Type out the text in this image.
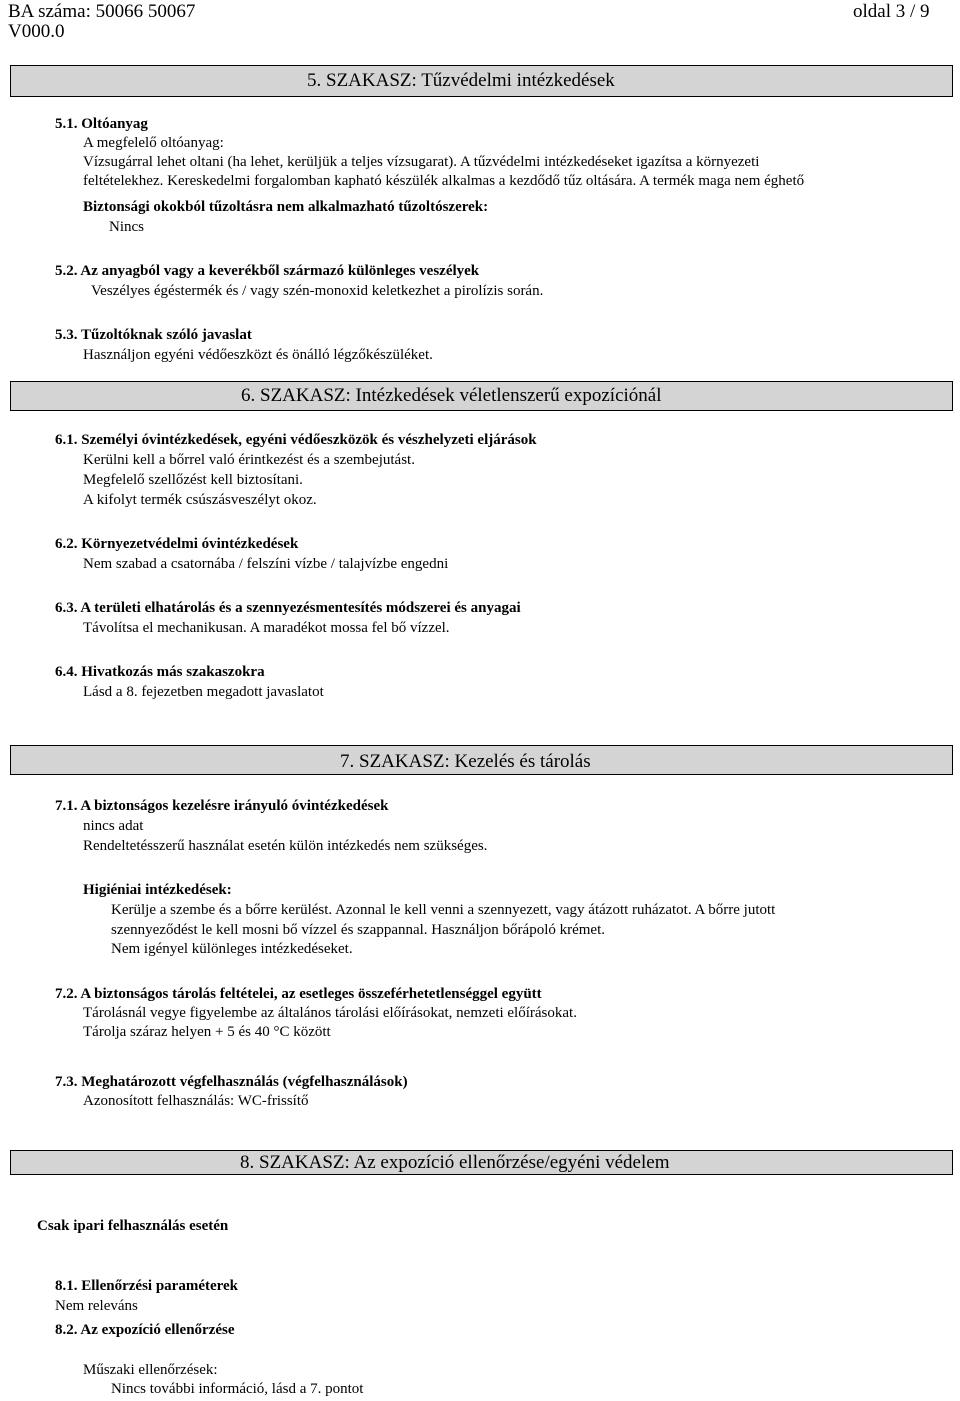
BA száma: 50066 50067	oldal 3 / 9
V000.0
5. SZAKASZ: Tűzvédelmi intézkedések
5.1. Oltóanyag
A megfelelő oltóanyag:
Vízsugárral lehet oltani (ha lehet, kerüljük a teljes vízsugarat). A tűzvédelmi intézkedéseket igazítsa a környezeti
feltételekhez. Kereskedelmi forgalomban kapható készülék alkalmas a kezdődő tűz oltására. A termék maga nem éghető
Biztonsági okokból tűzoltásra nem alkalmazható tűzoltószerek:
Nincs
5.2. Az anyagból vagy a keverékből származó különleges veszélyek
Veszélyes égéstermék és / vagy szén-monoxid keletkezhet a pirolízis során.
5.3. Tűzoltóknak szóló javaslat
Használjon egyéni védőeszközt és önálló légzőkészüléket.
6. SZAKASZ: Intézkedések véletlenszerű expozíciónál
6.1. Személyi óvintézkedések, egyéni védőeszközök és vészhelyzeti eljárások
Kerülni kell a bőrrel való érintkezést és a szembejutást.
Megfelelő szellőzést kell biztosítani.
A kifolyt termék csúszásveszélyt okoz.
6.2. Környezetvédelmi óvintézkedések
Nem szabad a csatornába / felszíni vízbe / talajvízbe engedni
6.3. A területi elhatárolás és a szennyezésmentesítés módszerei és anyagai
Távolítsa el mechanikusan. A maradékot mossa fel bő vízzel.
6.4. Hivatkozás más szakaszokra
Lásd a 8. fejezetben megadott javaslatot
7. SZAKASZ: Kezelés és tárolás
7.1. A biztonságos kezelésre irányuló óvintézkedések
nincs adat
Rendeltetésszerű használat esetén külön intézkedés nem szükséges.
Higiéniai intézkedések:
Kerülje a szembe és a bőrre kerülést. Azonnal le kell venni a szennyezett, vagy átázott ruházatot. A bőrre jutott
szennyeződést le kell mosni bő vízzel és szappannal. Használjon bőrápoló krémet.
Nem igényel különleges intézkedéseket.
7.2. A biztonságos tárolás feltételei, az esetleges összeférhetetlenséggel együtt
Tárolásnál vegye figyelembe az általános tárolási előírásokat, nemzeti előírásokat.
Tárolja száraz helyen + 5 és 40 °C között
7.3. Meghatározott végfelhasználás (végfelhasználások)
Azonosított felhasználás: WC-frissítő
8. SZAKASZ: Az expozíció ellenőrzése/egyéni védelem
Csak ipari felhasználás esetén
8.1. Ellenőrzési paraméterek
Nem releváns
8.2. Az expozíció ellenőrzése
Műszaki ellenőrzések:
Nincs további információ, lásd a 7. pontot
